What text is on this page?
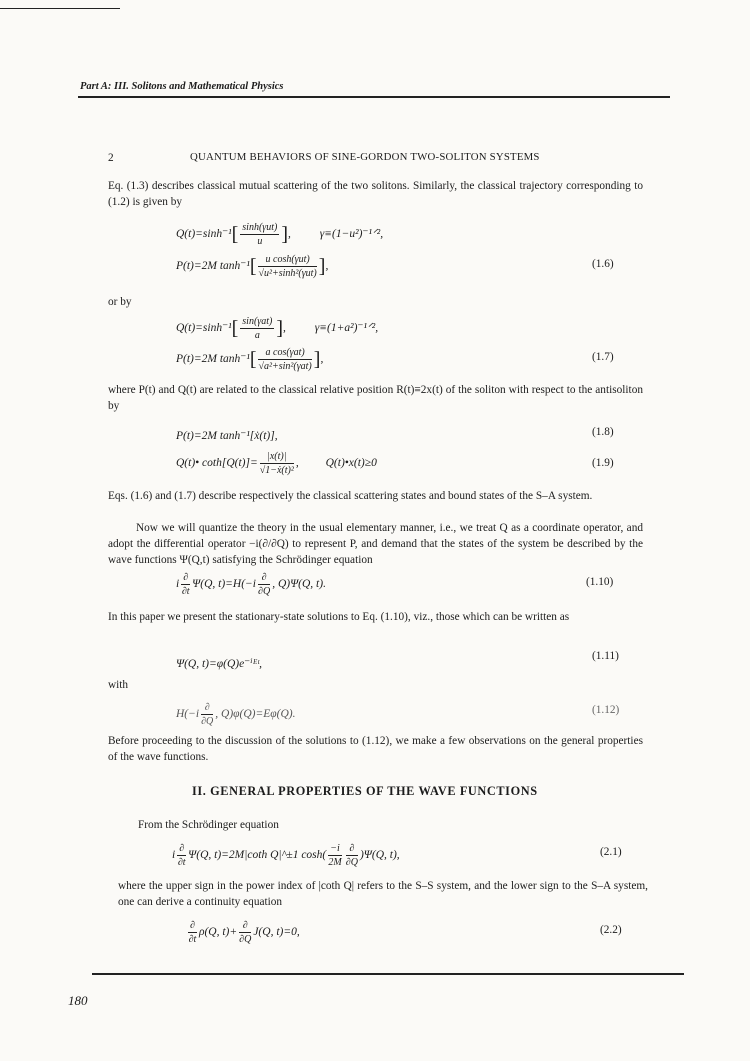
Part A: III. Solitons and Mathematical Physics
2	QUANTUM BEHAVIORS OF SINE-GORDON TWO-SOLITON SYSTEMS
Eq. (1.3) describes classical mutual scattering of the two solitons. Similarly, the classical trajectory corresponding to (1.2) is given by
Q(t)=sinh⁻¹[ sinh(γut)
u ], γ≡(1−u²)⁻¹ᐟ²,
P(t)=2M tanh⁻¹[ u cosh(γut)
√u²+sinh²(γut) ],	(1.6)
or by
Q(t)=sinh⁻¹[ sin(γat)
a ], γ≡(1+a²)⁻¹ᐟ²,
P(t)=2M tanh⁻¹[ a cos(γat)
√a²+sin²(γat) ],	(1.7)
where P(t) and Q(t) are related to the classical relative position R(t)≡2x(t) of the soliton with respect to the antisoliton by
P(t)=2M tanh⁻¹[ẋ(t)],	(1.8)
Q(t)• $\cot h[Q(t)]= \frac{|x(t)|}{\text{√1−ẋ(t)²}}$ , Q(t)•x(t)≥0	(1.9)
Eqs. (1.6) and (1.7) describe respectively the classical scattering states and bound states of the S–A system.
Now we will quantize the theory in the usual elementary manner, i.e., we treat Q as a coordinate operator, and adopt the differential operator −i(∂/∂Q) to represent P, and demand that the states of the system be described by the wave functions Ψ(Q,t) satisfying the Schrödinger equation
i
∂
∂t
Ψ(Q, t)=H(−i
∂
∂Q
, Q)Ψ(Q, t).	(1.10)
In this paper we present the stationary-state solutions to Eq. (1.10), viz., those which can be written as
Ψ(Q, t)=φ(Q)e⁻ⁱᴱᵗ,
(1.11)
with
H(−i
∂
∂Q
, Q)φ(Q)=Eφ(Q).	(1.12)
Before proceeding to the discussion of the solutions to (1.12), we make a few observations on the general properties of the wave functions.
II. GENERAL PROPERTIES OF THE WAVE FUNCTIONS
From the Schrödinger equation
i
∂
∂t
Ψ(Q, t)=2M|coth Q|^±1 $\cosh( \frac{-i}{2M}$ ∂
∂Q
)Ψ(Q, t),	(2.1)
where the upper sign in the power index of |coth Q| refers to the S–S system, and the lower sign to the S–A system, one can derive a continuity equation
∂
∂t
ρ(Q, t)+
∂
∂Q
J(Q, t)=0,	(2.2)
180
